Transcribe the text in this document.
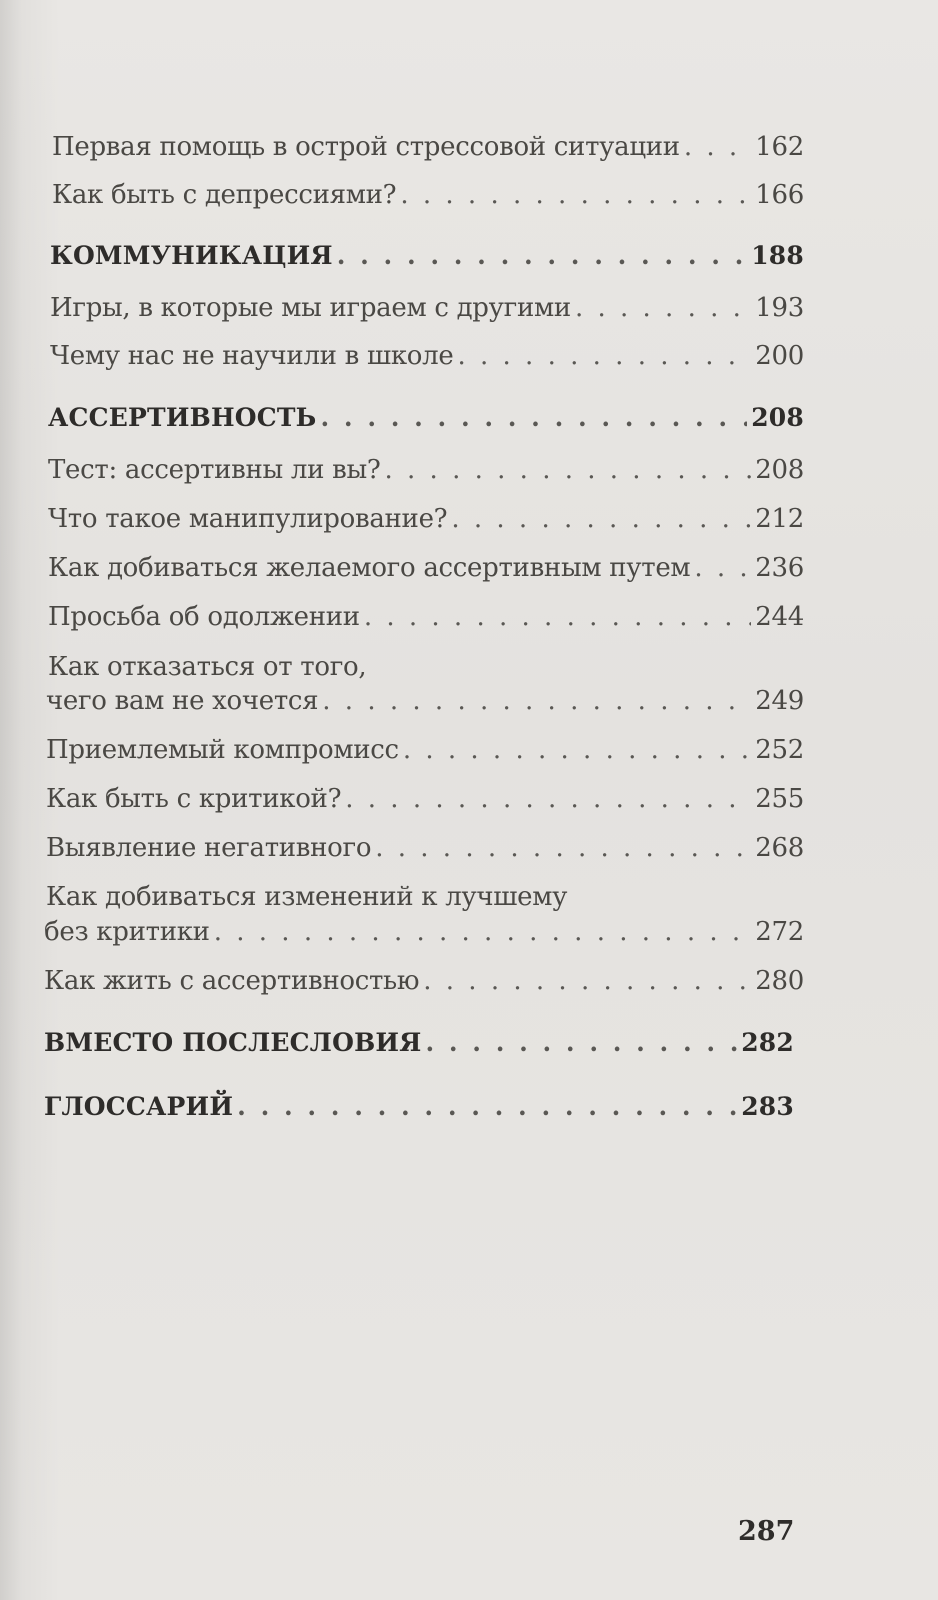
Первая помощь в острой стрессовой ситуации . . .	162
Как быть с депрессиями? . . .	166
КОММУНИКАЦИЯ . . .	188
Игры, в которые мы играем с другими . . .	193
Чему нас не научили в школе . . .	200
АССЕРТИВНОСТЬ . . .	208
Тест: ассертивны ли вы? . . .	208
Что такое манипулирование? . . .	212
Как добиваться желаемого ассертивным путем . . . 236
Просьба об одолжении . . .	244
Как отказаться от того,
чего вам не хочется . . .	249
Приемлемый компромисс . . .	252
Как быть с критикой? . . .	255
Выявление негативного . . .	268
Как добиваться изменений к лучшему
без критики . . .	272
Как жить с ассертивностью . . .	280
ВМЕСТО ПОСЛЕСЛОВИЯ . . .	282
ГЛОССАРИЙ . . .	283
287
